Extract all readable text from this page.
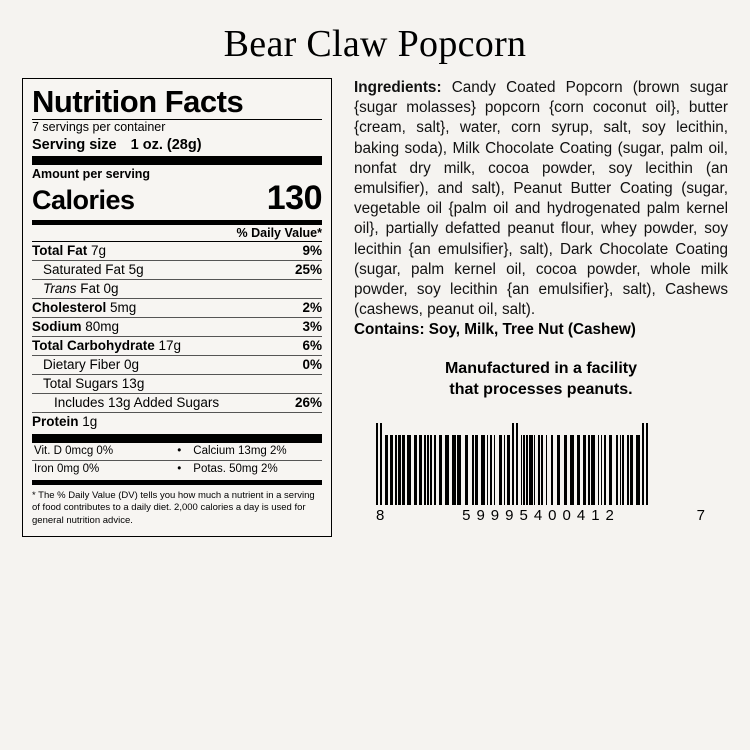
Bear Claw Popcorn
Nutrition Facts
7 servings per container
Serving size 1 oz. (28g)
Amount per serving
Calories	130
% Daily Value*
Total Fat 7g	9%
Saturated Fat 5g	25%
Trans Fat 0g
Cholesterol 5mg	2%
Sodium 80mg	3%
Total Carbohydrate 17g	6%
Dietary Fiber 0g	0%
Total Sugars 13g
Includes 13g Added Sugars	26%
Protein 1g
Vit. D 0mcg 0%	•	Calcium 13mg 2%
Iron 0mg 0%	•	Potas. 50mg 2%
* The % Daily Value (DV) tells you how much a nutrient in a serving of food contributes to a daily diet. 2,000 calories a day is used for general nutrition advice.
Ingredients: Candy Coated Popcorn (brown sugar {sugar molasses} popcorn {corn coconut oil}, butter {cream, salt}, water, corn syrup, salt, soy lecithin, baking soda), Milk Chocolate Coating (sugar, palm oil, nonfat dry milk, cocoa powder, soy lecithin (an emulsifier), and salt), Peanut Butter Coating (sugar, vegetable oil {palm oil and hydrogenated palm kernel oil}, partially defatted peanut flour, whey powder, soy lecithin {an emulsifier}, salt), Dark Chocolate Coating (sugar, palm kernel oil, cocoa powder, whole milk powder, soy lecithin {an emulsifier}, salt), Cashews (cashews, peanut oil, salt).
Contains: Soy, Milk, Tree Nut (Cashew)
Manufactured in a facility
that processes peanuts.
8	59995400412	7
